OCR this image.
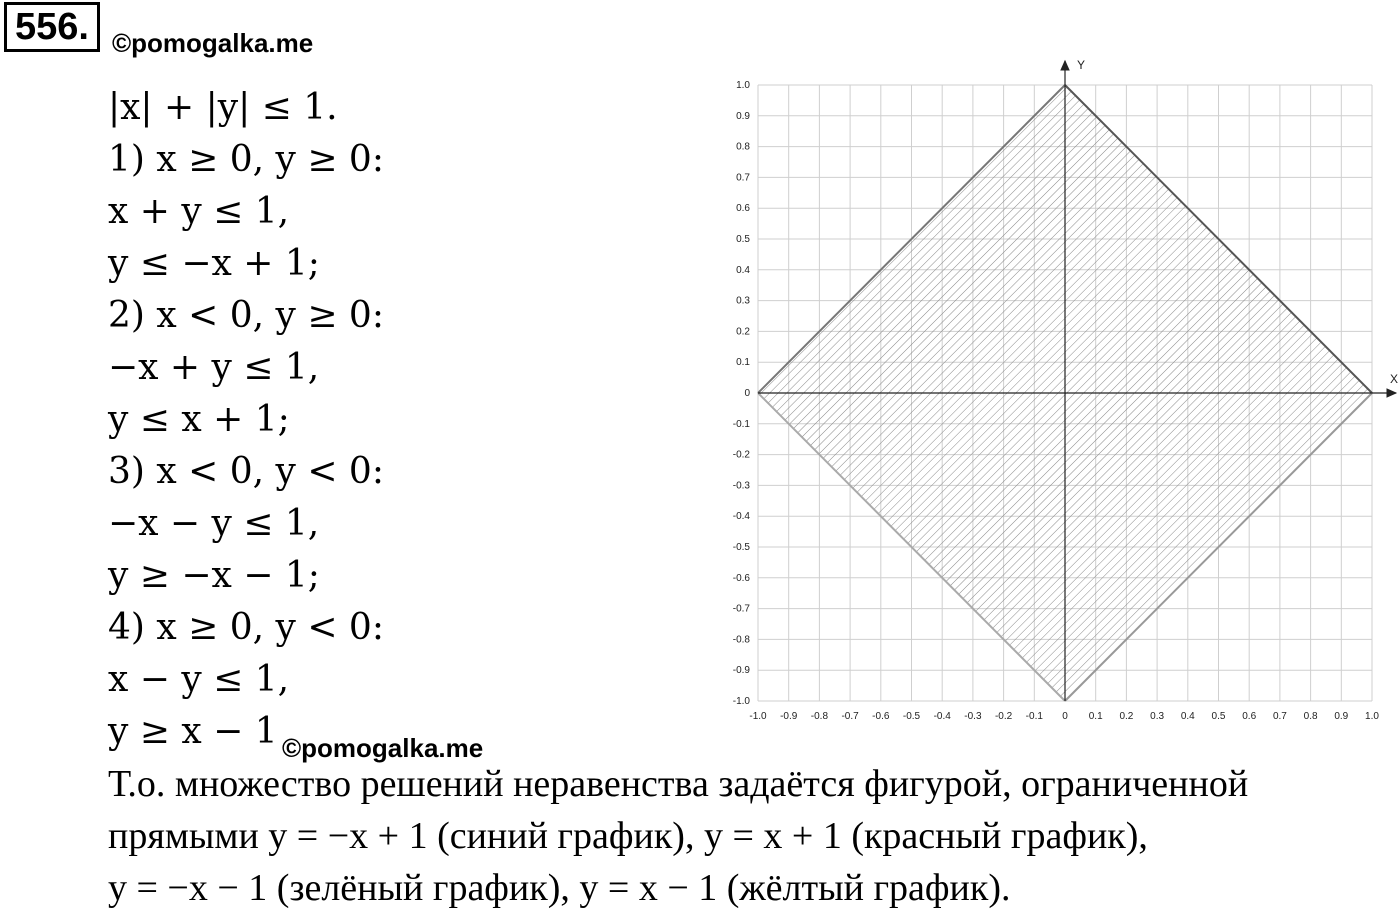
556. ©pomogalka.me
|x| + |y| ≤ 1.
1) x ≥ 0, y ≥ 0:
x + y ≤ 1,
y ≤ −x + 1;
2) x < 0, y ≥ 0:
−x + y ≤ 1,
y ≤ x + 1;
3) x < 0, y < 0:
−x − y ≤ 1,
y ≥ −x − 1;
4) x ≥ 0, y < 0:
x − y ≤ 1,
y ≥ x − 1 ©pomogalka.me
Т.о. множество решений неравенства задаётся фигурой, ограниченной
прямыми y = −x + 1 (синий график), y = x + 1 (красный график),
y = −x − 1 (зелёный график), y = x − 1 (жёлтый график).
X
Y
-1.0 -0.9 -0.8 -0.7 -0.6 -0.5 -0.4 -0.3 -0.2 -0.1 0 0.1 0.2 0.3 0.4 0.5 0.6 0.7 0.8 0.9 1.0
1.0
0.9
0.8
0.7
0.6
0.5
0.4
0.3
0.2
0.1
0
-0.1
-0.2
-0.3
-0.4
-0.5
-0.6
-0.7
-0.8
-0.9
-1.0
